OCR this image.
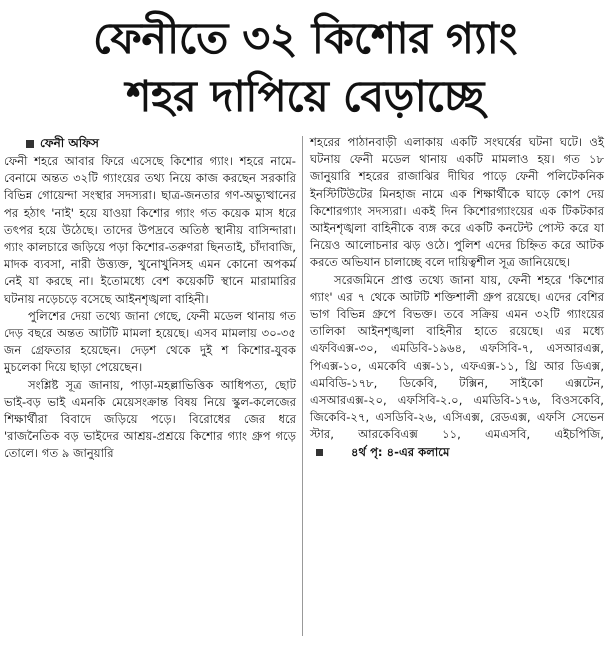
ফেনীতে ৩২ কিশোর গ্যাং
শহর দাপিয়ে বেড়াচ্ছে
ফেনী অফিস

ফেনী শহরে আবার ফিরে এসেছে কিশোর গ্যাং। শহরে নামে-বেনামে অন্তত ৩২টি গ্যাংয়ের তথ্য নিয়ে কাজ করছেন সরকারি বিভিন্ন গোয়েন্দা সংস্থার সদস্যরা। ছাত্র-জনতার গণ-অভ্যুত্থানের পর হঠাৎ 'নাই' হয়ে যাওয়া কিশোর গ্যাং গত কয়েক মাস ধরে তৎপর হয়ে উঠেছে। তাদের উপদ্রবে অতিষ্ঠ স্থানীয় বাসিন্দারা। গ্যাং কালচারে জড়িয়ে পড়া কিশোর-তরুণরা ছিনতাই, চাঁদাবাজি, মাদক ব্যবসা, নারী উত্ত্যক্ত, খুনোখুনিসহ এমন কোনো অপকর্ম নেই যা করছে না। ইতোমধ্যে বেশ কয়েকটি স্থানে মারামারির ঘটনায় নড়েচড়ে বসেছে আইনশৃঙ্খলা বাহিনী।

পুলিশের দেয়া তথ্যে জানা গেছে, ফেনী মডেল থানায় গত দেড় বছরে অন্তত আটটি মামলা হয়েছে। এসব মামলায় ৩০-৩৫ জন গ্রেফতার হয়েছেন। দেড়শ থেকে দুই শ কিশোর-যুবক মুচলেকা দিয়ে ছাড়া পেয়েছেন।

সংশ্লিষ্ট সূত্র জানায়, পাড়া-মহল্লাভিত্তিক আধিপত্য, ছোট ভাই-বড় ভাই এমনকি মেয়েসংক্রান্ত বিষয় নিয়ে স্কুল-কলেজের শিক্ষার্থীরা বিবাদে জড়িয়ে পড়ে। বিরোধের জের ধরে 'রাজনৈতিক বড় ভাইদের আশ্রয়-প্রশ্রয়ে কিশোর গ্যাং গ্রুপ গড়ে তোলে। গত ৯ জানুয়ারি

শহরের পাঠানবাড়ী এলাকায় একটি সংঘর্ষের ঘটনা ঘটে। ওই ঘটনায় ফেনী মডেল থানায় একটি মামলাও হয়। গত ১৮ জানুয়ারি শহরের রাজাঝির দীঘির পাড়ে ফেনী পলিটেকনিক ইনস্টিটিউটের মিনহাজ নামে এক শিক্ষার্থীকে ঘাড়ে কোপ দেয় কিশোরগ্যাং সদস্যরা। একই দিন কিশোরগ্যাংয়ের এক টিকটকার আইনশৃঙ্খলা বাহিনীকে ব্যঙ্গ করে একটি কনটেন্ট পোস্ট করে যা নিয়েও আলোচনার ঝড় ওঠে। পুলিশ এদের চিহ্নিত করে আটক করতে অভিযান চালাচ্ছে বলে দায়িত্বশীল সূত্র জানিয়েছে।

সরেজমিনে প্রাপ্ত তথ্যে জানা যায়, ফেনী শহরে 'কিশোর গ্যাং' এর ৭ থেকে আটটি শক্তিশালী গ্রুপ রয়েছে। এদের বেশির ভাগ বিভিন্ন গ্রুপে বিভক্ত। তবে সক্রিয় এমন ৩২টি গ্যাংয়ের তালিকা আইনশৃঙ্খলা বাহিনীর হাতে রয়েছে। এর মধ্যে এফবিএক্স-৩০, এমডিবি-১৯৬৪, এফসিবি-৭, এসআরএক্স, পিএক্স-১০, এমকেবি এক্স-১১, এফএক্স-১১, থ্রি আর ডিএক্স, এমবিডি-১৭৮, ডিকেবি, টক্সিন, সাইকো এক্সটেন, এসআরএক্স-২০, এফসিবি-২.০, এমডিবি-১৭৬, বিওসকেবি, জিকেবি-২৭, এসডিবি-২৬, এসিএক্স, রেডএক্স, এফসি সেভেন স্টার, আরকেবিএক্স ১১, এমএসবি, এইচপিজি,
৪র্থ পৃ: ৪-এর কলামে
